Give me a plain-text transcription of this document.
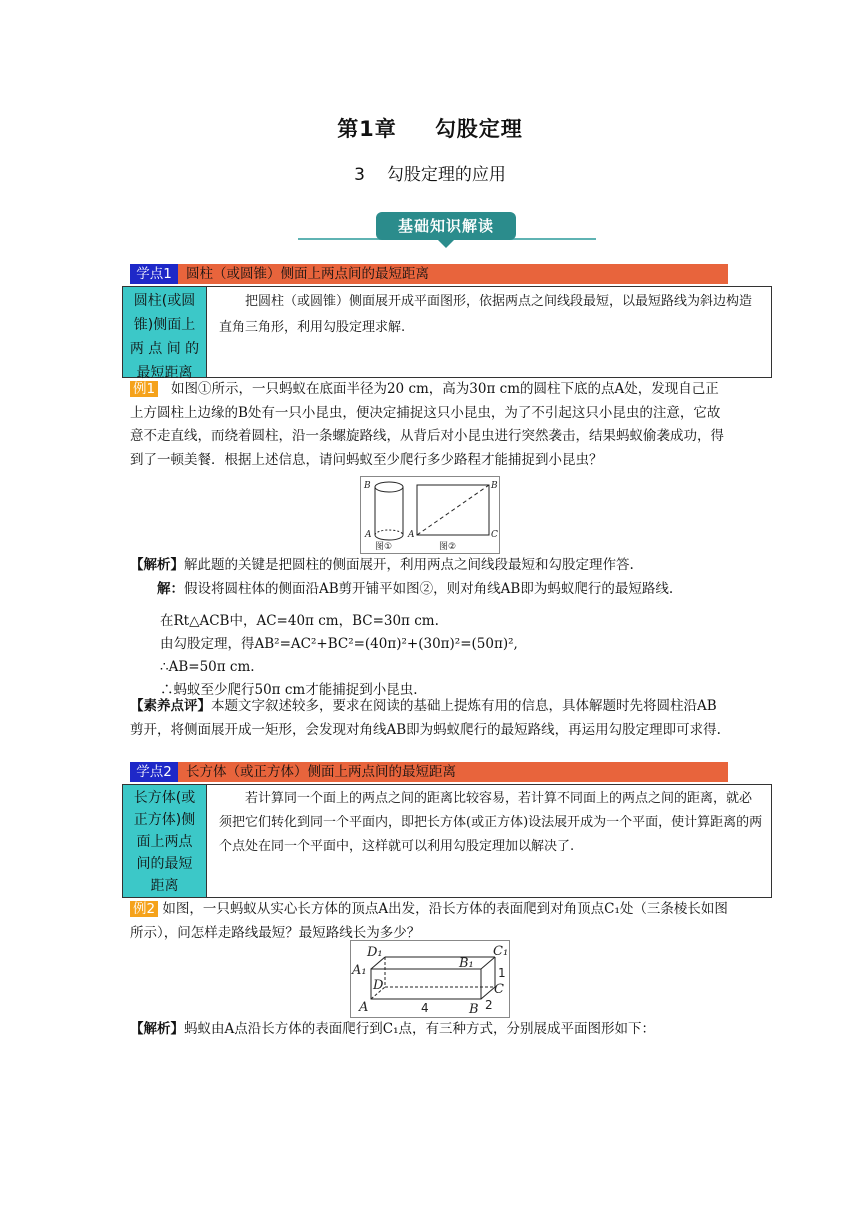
第1章 勾股定理
3 勾股定理的应用
基础知识解读
学点1	圆柱（或圆锥）侧面上两点间的最短距离
圆柱(或圆
锥)侧面上
两 点 间 的
最短距离
把圆柱（或圆锥）侧面展开成平面图形，依据两点之间线段最短，以最短路线为斜边构造直角三角形，利用勾股定理求解.
例1 如图①所示，一只蚂蚁在底面半径为20 cm，高为30π cm的圆柱下底的点A处，发现自己正上方圆柱上边缘的B处有一只小昆虫，便决定捕捉这只小昆虫，为了不引起这只小昆虫的注意，它故意不走直线，而绕着圆柱，沿一条螺旋路线，从背后对小昆虫进行突然袭击，结果蚂蚁偷袭成功，得到了一顿美餐．根据上述信息，请问蚂蚁至少爬行多少路程才能捕捉到小昆虫？
B
A
B
A	C
图①	图②
【解析】解此题的关键是把圆柱的侧面展开，利用两点之间线段最短和勾股定理作答.
解：假设将圆柱体的侧面沿AB剪开铺平如图②，则对角线AB即为蚂蚁爬行的最短路线.
在Rt△ACB中，AC=40π cm，BC=30π cm.
由勾股定理，得AB²=AC²+BC²=(40π)²+(30π)²=(50π)²,
∴AB=50π cm.
∴蚂蚁至少爬行50π cm才能捕捉到小昆虫.
【素养点评】本题文字叙述较多，要求在阅读的基础上提炼有用的信息，具体解题时先将圆柱沿AB剪开，将侧面展开成一矩形，会发现对角线AB即为蚂蚁爬行的最短路线，再运用勾股定理即可求得.
学点2	长方体（或正方体）侧面上两点间的最短距离
长方体(或
正方体)侧
面上两点
间的最短
距离
若计算同一个面上的两点之间的距离比较容易，若计算不同面上的两点之间的距离，就必须把它们转化到同一个平面内，即把长方体(或正方体)设法展开成为一个平面，使计算距离的两个点处在同一个平面中，这样就可以利用勾股定理加以解决了.
例2 如图，一只蚂蚁从实心长方体的顶点A出发，沿长方体的表面爬到对角顶点C₁处（三条棱长如图所示），问怎样走路线最短？最短路线长为多少？
D₁	C₁
A₁	B₁
D	C
A	B
4
1
2
【解析】蚂蚁由A点沿长方体的表面爬行到C₁点，有三种方式，分别展成平面图形如下：
